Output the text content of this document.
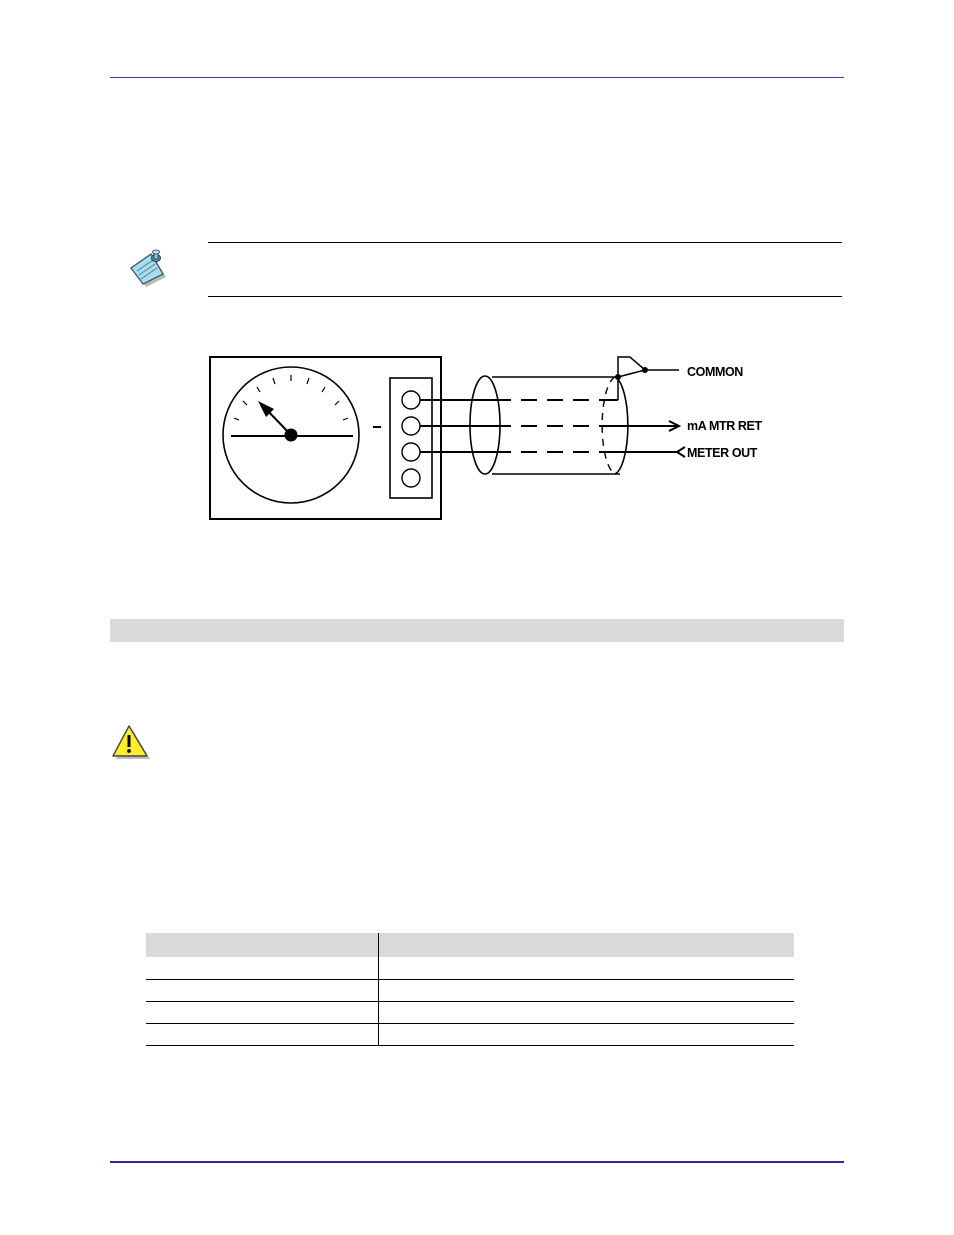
COMMON
mA MTR RET
METER OUT
